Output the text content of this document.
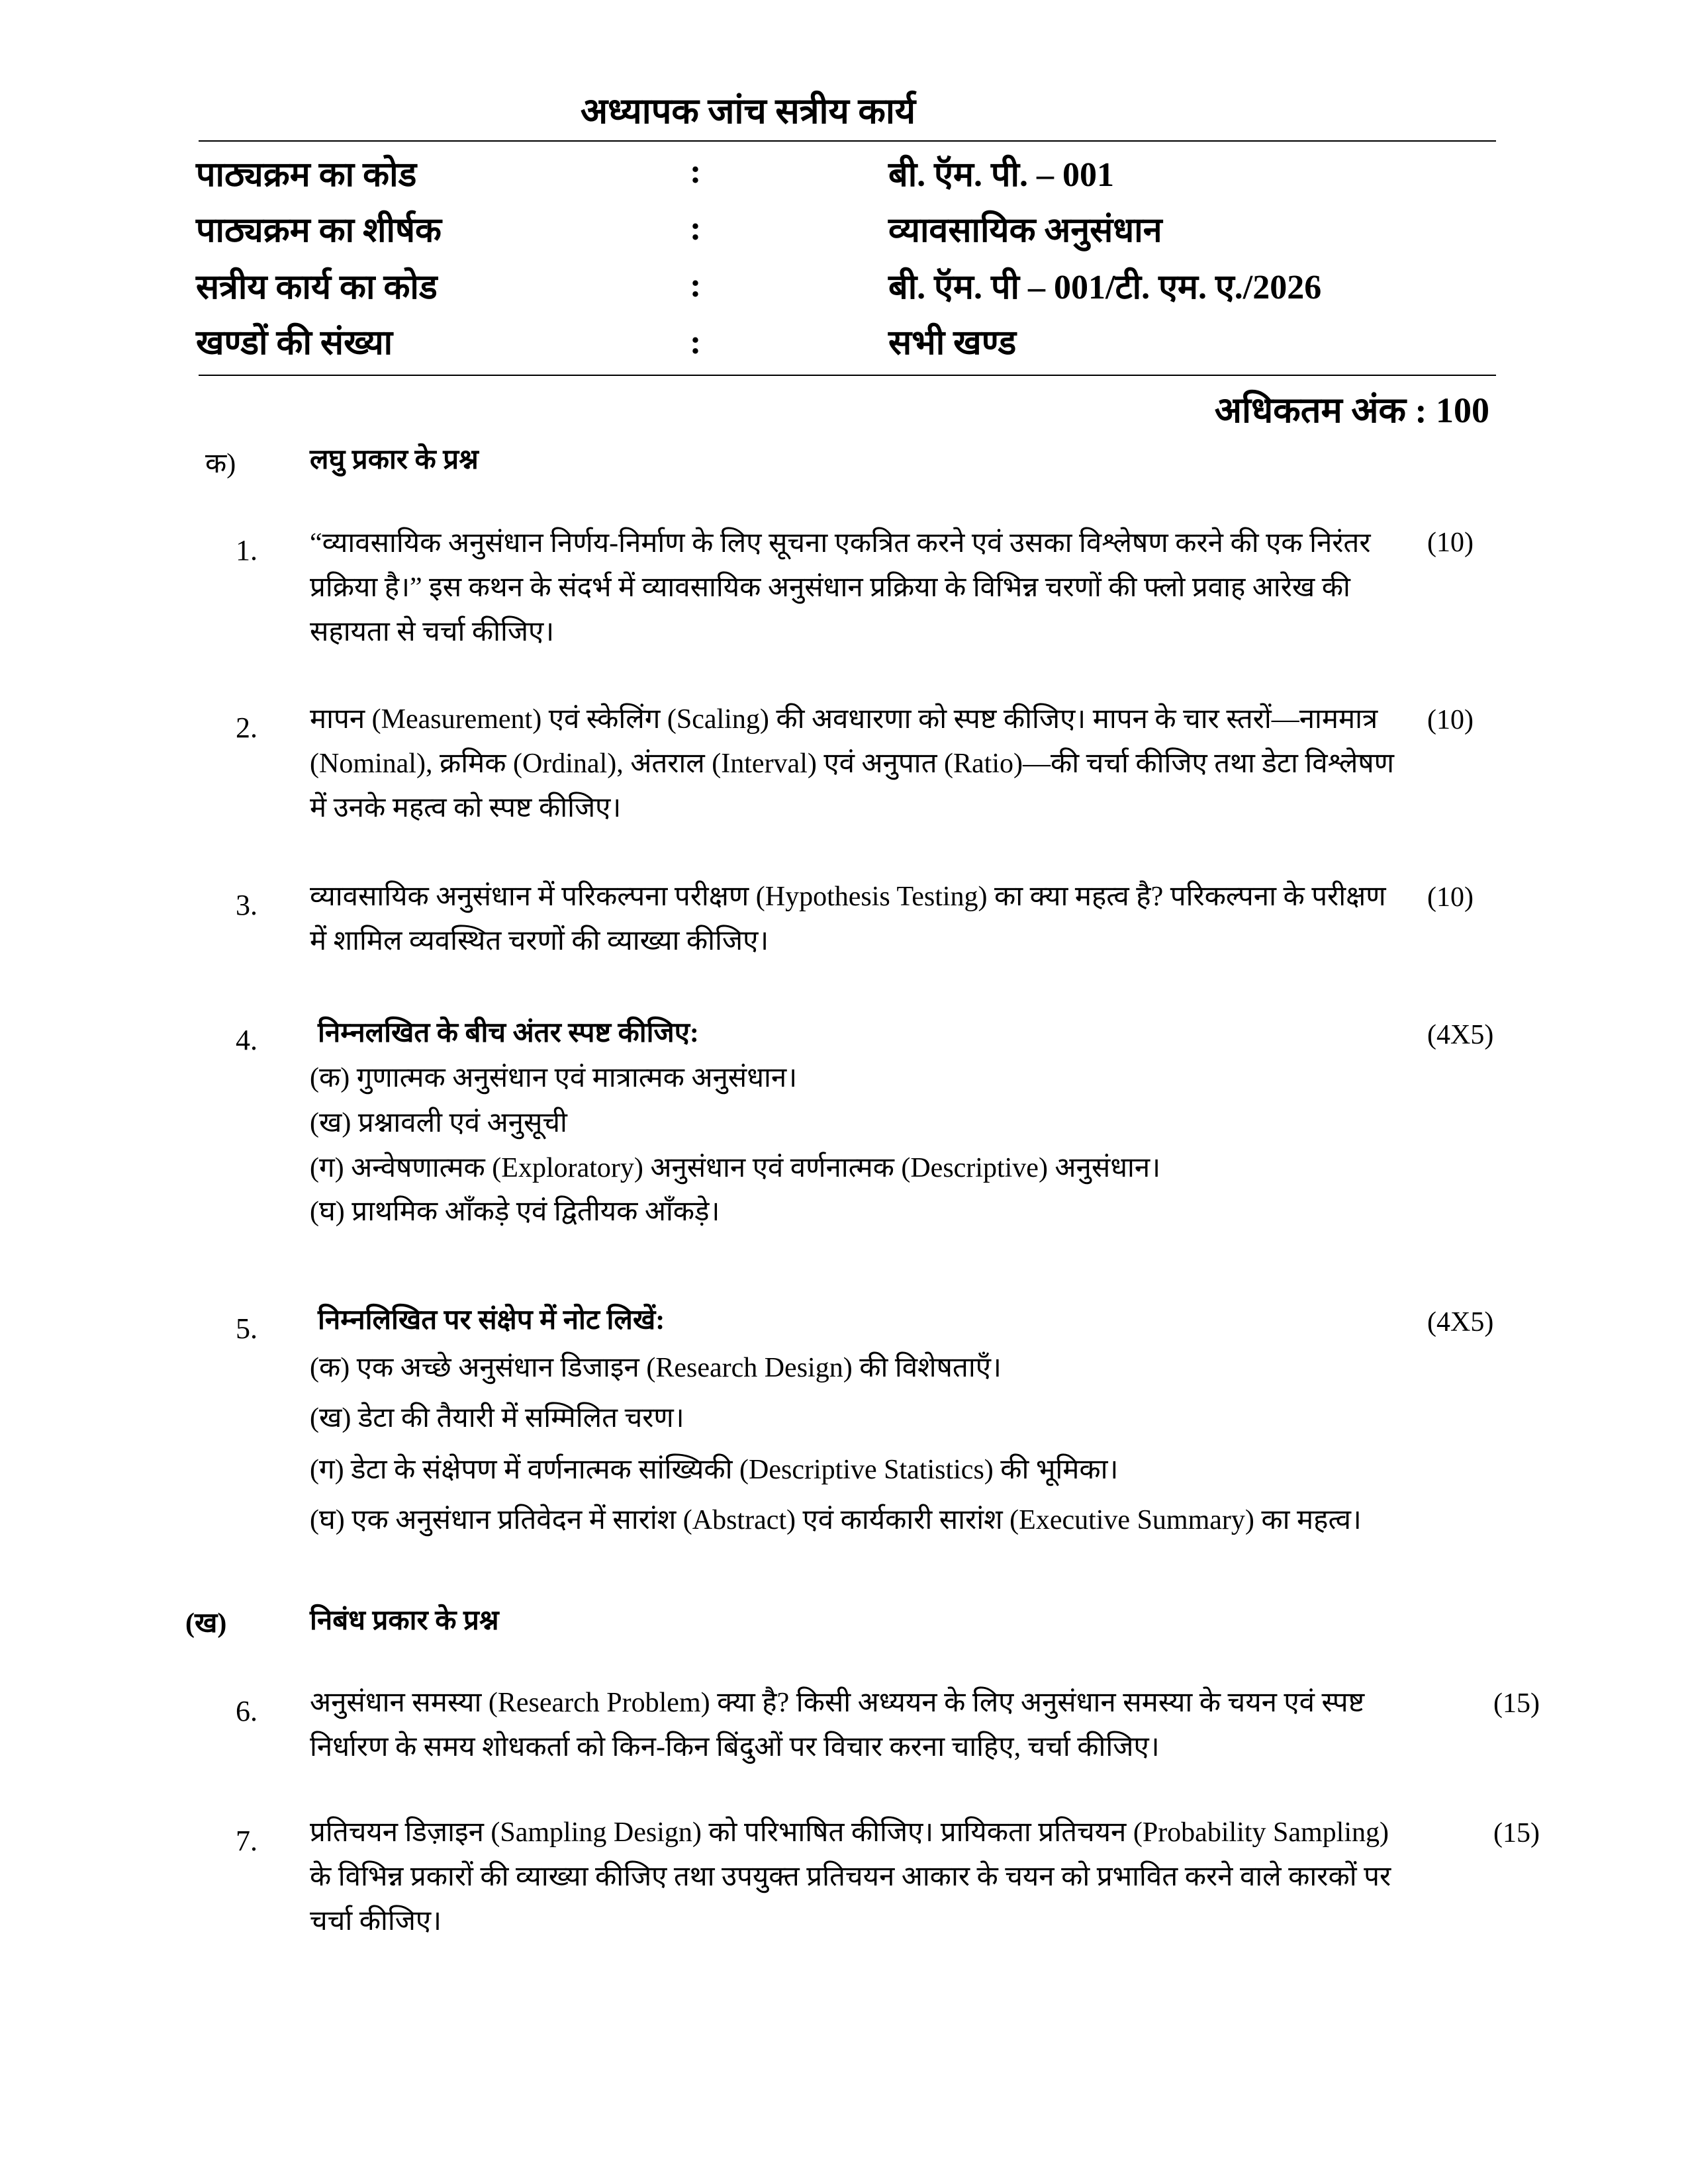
अध्यापक जांच सत्रीय कार्य
पाठ्यक्रम का कोड	:	बी. ऍम. पी. – 001
पाठ्यक्रम का शीर्षक	:	व्यावसायिक अनुसंधान
सत्रीय कार्य का कोड	:	बी. ऍम. पी – 001/टी. एम. ए./2026
खण्डों की संख्या	:	सभी खण्ड
अधिकतम अंक : 100
क)	लघु प्रकार के प्रश्न
1. “व्यावसायिक अनुसंधान निर्णय-निर्माण के लिए सूचना एकत्रित करने एवं उसका विश्लेषण करने की एक निरंतर प्रक्रिया है।” इस कथन के संदर्भ में व्यावसायिक अनुसंधान प्रक्रिया के विभिन्न चरणों की फ्लो प्रवाह आरेख की सहायता से चर्चा कीजिए।
(10)
2. मापन (Measurement) एवं स्केलिंग (Scaling) की अवधारणा को स्पष्ट कीजिए। मापन के चार स्तरों—नाममात्र (Nominal), क्रमिक (Ordinal), अंतराल (Interval) एवं अनुपात (Ratio)—की चर्चा कीजिए तथा डेटा विश्लेषण में उनके महत्व को स्पष्ट कीजिए।
(10)
3. व्यावसायिक अनुसंधान में परिकल्पना परीक्षण (Hypothesis Testing) का क्या महत्व है? परिकल्पना के परीक्षण में शामिल व्यवस्थित चरणों की व्याख्या कीजिए।
(10)
4. निम्नलखित के बीच अंतर स्पष्ट कीजिए:	(4X5)
(क) गुणात्मक अनुसंधान एवं मात्रात्मक अनुसंधान।
(ख) प्रश्नावली एवं अनुसूची
(ग) अन्वेषणात्मक (Exploratory) अनुसंधान एवं वर्णनात्मक (Descriptive) अनुसंधान।
(घ) प्राथमिक आँकड़े एवं द्वितीयक आँकड़े।
5. निम्नलिखित पर संक्षेप में नोट लिखें:	(4X5)
(क) एक अच्छे अनुसंधान डिजाइन (Research Design) की विशेषताएँ।
(ख) डेटा की तैयारी में सम्मिलित चरण।
(ग) डेटा के संक्षेपण में वर्णनात्मक सांख्यिकी (Descriptive Statistics) की भूमिका।
(घ) एक अनुसंधान प्रतिवेदन में सारांश (Abstract) एवं कार्यकारी सारांश (Executive Summary) का महत्व।
(ख)	निबंध प्रकार के प्रश्न
6. अनुसंधान समस्या (Research Problem) क्या है? किसी अध्ययन के लिए अनुसंधान समस्या के चयन एवं स्पष्ट निर्धारण के समय शोधकर्ता को किन-किन बिंदुओं पर विचार करना चाहिए, चर्चा कीजिए।
(15)
7. प्रतिचयन डिज़ाइन (Sampling Design) को परिभाषित कीजिए। प्रायिकता प्रतिचयन (Probability Sampling) के विभिन्न प्रकारों की व्याख्या कीजिए तथा उपयुक्त प्रतिचयन आकार के चयन को प्रभावित करने वाले कारकों पर चर्चा कीजिए।
(15)
